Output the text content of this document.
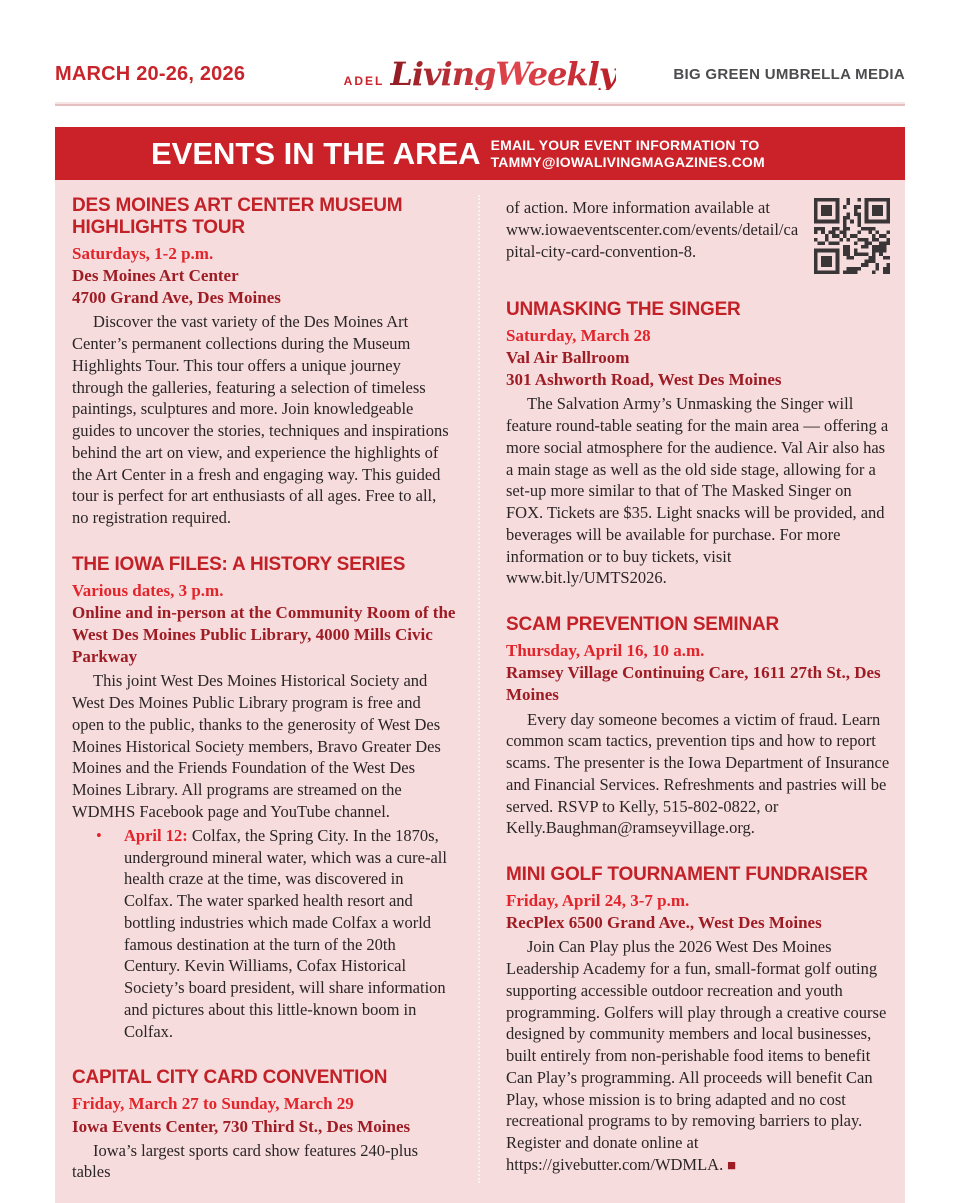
MARCH 20-26, 2026	ADEL LivingWeekly	BIG GREEN UMBRELLA MEDIA
EVENTS IN THE AREA EMAIL YOUR EVENT INFORMATION TO
TAMMY@IOWALIVINGMAGAZINES.COM
DES MOINES ART CENTER MUSEUM HIGHLIGHTS TOUR
Saturdays, 1-2 p.m.
Des Moines Art Center
4700 Grand Ave, Des Moines

Discover the vast variety of the Des Moines Art Center’s permanent collections during the Museum Highlights Tour. This tour offers a unique journey through the galleries, featuring a selection of timeless paintings, sculptures and more. Join knowledgeable guides to uncover the stories, techniques and inspirations behind the art on view, and experience the highlights of the Art Center in a fresh and engaging way. This guided tour is perfect for art enthusiasts of all ages. Free to all, no registration required.

THE IOWA FILES: A HISTORY SERIES
Various dates, 3 p.m.
Online and in-person at the Community Room of the West Des Moines Public Library, 4000 Mills Civic Parkway

This joint West Des Moines Historical Society and West Des Moines Public Library program is free and open to the public, thanks to the generosity of West Des Moines Historical Society members, Bravo Greater Des Moines and the Friends Foundation of the West Des Moines Library. All programs are streamed on the WDMHS Facebook page and YouTube channel.

•	April 12: Colfax, the Spring City. In the 1870s, underground mineral water, which was a cure-all health craze at the time, was discovered in Colfax. The water sparked health resort and bottling industries which made Colfax a world famous destination at the turn of the 20th Century. Kevin Williams, Cofax Historical Society’s board president, will share information and pictures about this little-known boom in Colfax.
CAPITAL CITY CARD CONVENTION
Friday, March 27 to Sunday, March 29
Iowa Events Center, 730 Third St., Des Moines

Iowa’s largest sports card show features 240-plus tables

of action. More information available at www.iowaeventscenter.com/events/detail/capital-city-card-convention-8.

UNMASKING THE SINGER
Saturday, March 28
Val Air Ballroom
301 Ashworth Road, West Des Moines

The Salvation Army’s Unmasking the Singer will feature round-table seating for the main area — offering a more social atmosphere for the audience. Val Air also has a main stage as well as the old side stage, allowing for a set-up more similar to that of The Masked Singer on FOX. Tickets are $35. Light snacks will be provided, and beverages will be available for purchase. For more information or to buy tickets, visit www.bit.ly/UMTS2026.

SCAM PREVENTION SEMINAR
Thursday, April 16, 10 a.m.
Ramsey Village Continuing Care, 1611 27th St., Des Moines

Every day someone becomes a victim of fraud. Learn common scam tactics, prevention tips and how to report scams. The presenter is the Iowa Department of Insurance and Financial Services. Refreshments and pastries will be served. RSVP to Kelly, 515-802-0822, or Kelly.Baughman@ramseyvillage.org.

MINI GOLF TOURNAMENT FUNDRAISER
Friday, April 24, 3-7 p.m.
RecPlex 6500 Grand Ave., West Des Moines

Join Can Play plus the 2026 West Des Moines Leadership Academy for a fun, small-format golf outing supporting accessible outdoor recreation and youth programming. Golfers will play through a creative course designed by community members and local businesses, built entirely from non-perishable food items to benefit Can Play’s programming. All proceeds will benefit Can Play, whose mission is to bring adapted and no cost recreational programs to by removing barriers to play. Register and donate online at https://givebutter.com/WDMLA. ■
